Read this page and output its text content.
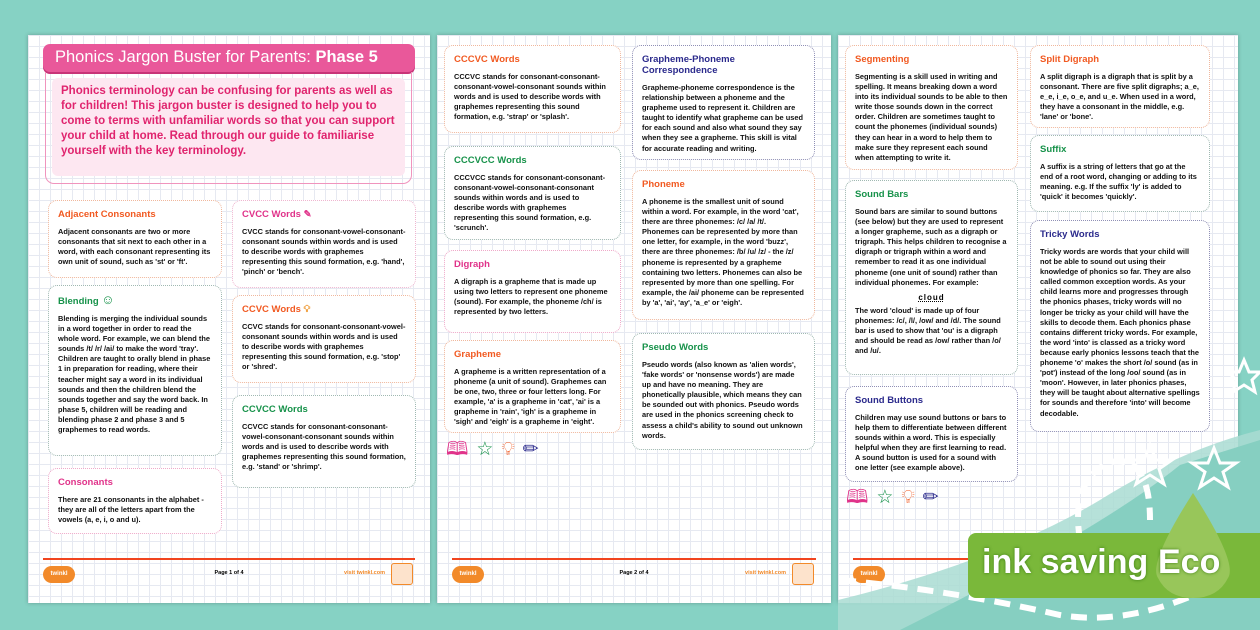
Phonics Jargon Buster for Parents: Phase 5
Phonics terminology can be confusing for parents as well as for children! This jargon buster is designed to help you to come to terms with unfamiliar words so that you can support your child at home. Read through our guide to familiarise yourself with the key terminology.
Adjacent Consonants

Adjacent consonants are two or more consonants that sit next to each other in a word, with each consonant representing its own unit of sound, such as 'st' or 'ft'.

Blending ☺

Blending is merging the individual sounds in a word together in order to read the whole word. For example, we can blend the sounds /t/ /r/ /ai/ to make the word 'tray'. Children are taught to orally blend in phase 1 in preparation for reading, where their teacher might say a word in its individual sounds and then the children blend the sounds together and say the word back. In phase 5, children will be reading and blending phase 2 and phase 3 and 5 graphemes to read words.

Consonants

There are 21 consonants in the alphabet - they are all of the letters apart from the vowels (a, e, i, o and u).

CVCC Words ✎

CVCC stands for consonant-vowel-consonant-consonant sounds within words and is used to describe words with graphemes representing this sound formation, e.g. 'hand', 'pinch' or 'bench'.

CCVC Words 💡︎

CCVC stands for consonant-consonant-vowel-consonant sounds within words and is used to describe words with graphemes representing this sound formation, e.g. 'stop' or 'shred'.

CCVCC Words

CCVCC stands for consonant-consonant-vowel-consonant-consonant sounds within words and is used to describe words with graphemes representing this sound formation, e.g. 'stand' or 'shrimp'.

twinkl	Page 1 of 4	visit twinkl.com
CCCVC Words

CCCVC stands for consonant-consonant-consonant-vowel-consonant sounds within words and is used to describe words with graphemes representing this sound formation, e.g. 'strap' or 'splash'.

CCCVCC Words

CCCVCC stands for consonant-consonant-consonant-vowel-consonant-consonant sounds within words and is used to describe words with graphemes representing this sound formation, e.g. 'scrunch'.

Digraph

A digraph is a grapheme that is made up using two letters to represent one phoneme (sound). For example, the phoneme /ch/ is represented by two letters.

Grapheme

A grapheme is a written representation of a phoneme (a unit of sound). Graphemes can be one, two, three or four letters long. For example, 'a' is a grapheme in 'cat', 'ai' is a grapheme in 'rain', 'igh' is a grapheme in 'sigh' and 'eigh' is a grapheme in 'eight'.

🕮︎ ☆ 💡︎ ✏︎
Grapheme-Phoneme Correspondence

Grapheme-phoneme correspondence is the relationship between a phoneme and the grapheme used to represent it. Children are taught to identify what grapheme can be used for each sound and also what sound they say when they see a grapheme. This skill is vital for accurate reading and writing.

Phoneme

A phoneme is the smallest unit of sound within a word. For example, in the word 'cat', there are three phonemes: /c/ /a/ /t/. Phonemes can be represented by more than one letter, for example, in the word 'buzz', there are three phonemes: /b/ /u/ /z/ - the /z/ phoneme is represented by a grapheme containing two letters. Phonemes can also be represented by more than one spelling. For example, the /ai/ phoneme can be represented by 'a', 'ai', 'ay', 'a_e' or 'eigh'.

Pseudo Words

Pseudo words (also known as 'alien words', 'fake words' or 'nonsense words') are made up and have no meaning. They are phonetically plausible, which means they can be sounded out with phonics. Pseudo words are used in the phonics screening check to assess a child's ability to sound out unknown words.

twinkl	Page 2 of 4	visit twinkl.com
Segmenting

Segmenting is a skill used in writing and spelling. It means breaking down a word into its individual sounds to be able to then write those sounds down in the correct order. Children are sometimes taught to count the phonemes (individual sounds) they can hear in a word to help them to make sure they represent each sound when attempting to write it.

Sound Bars

Sound bars are similar to sound buttons (see below) but they are used to represent a longer grapheme, such as a digraph or trigraph. This helps children to recognise a digraph or trigraph within a word and remember to read it as one individual phoneme (one unit of sound) rather than individual phonemes. For example:

cloud

The word 'cloud' is made up of four phonemes: /c/, /l/, /ow/ and /d/. The sound bar is used to show that 'ou' is a digraph and should be read as /ow/ rather than /o/ and /u/.

Sound Buttons

Children may use sound buttons or bars to help them to differentiate between different sounds within a word. This is especially helpful when they are first learning to read. A sound button is used for a sound with one letter (see example above).

🕮︎ ☆ 💡︎ ✏︎
Split Digraph

A split digraph is a digraph that is split by a consonant. There are five split digraphs; a_e, e_e, i_e, o_e, and u_e. When used in a word, they have a consonant in the middle, e.g. 'lane' or 'bone'.

Suffix

A suffix is a string of letters that go at the end of a root word, changing or adding to its meaning. e.g. If the suffix 'ly' is added to 'quick' it becomes 'quickly'.

Tricky Words

Tricky words are words that your child will not be able to sound out using their knowledge of phonics so far. They are also called common exception words. As your child learns more and progresses through the phonics phases, tricky words will no longer be tricky as your child will have the skills to decode them. Each phonics phase contains different tricky words. For example, the word 'into' is classed as a tricky word because early phonics lessons teach that the phoneme 'o' makes the short /o/ sound (as in 'pot') instead of the long /oo/ sound (as in 'moon'. However, in later phonics phases, they will be taught about alternative spellings for sounds and therefore 'into' will become decodable.

twinkl	ink saving Eco
